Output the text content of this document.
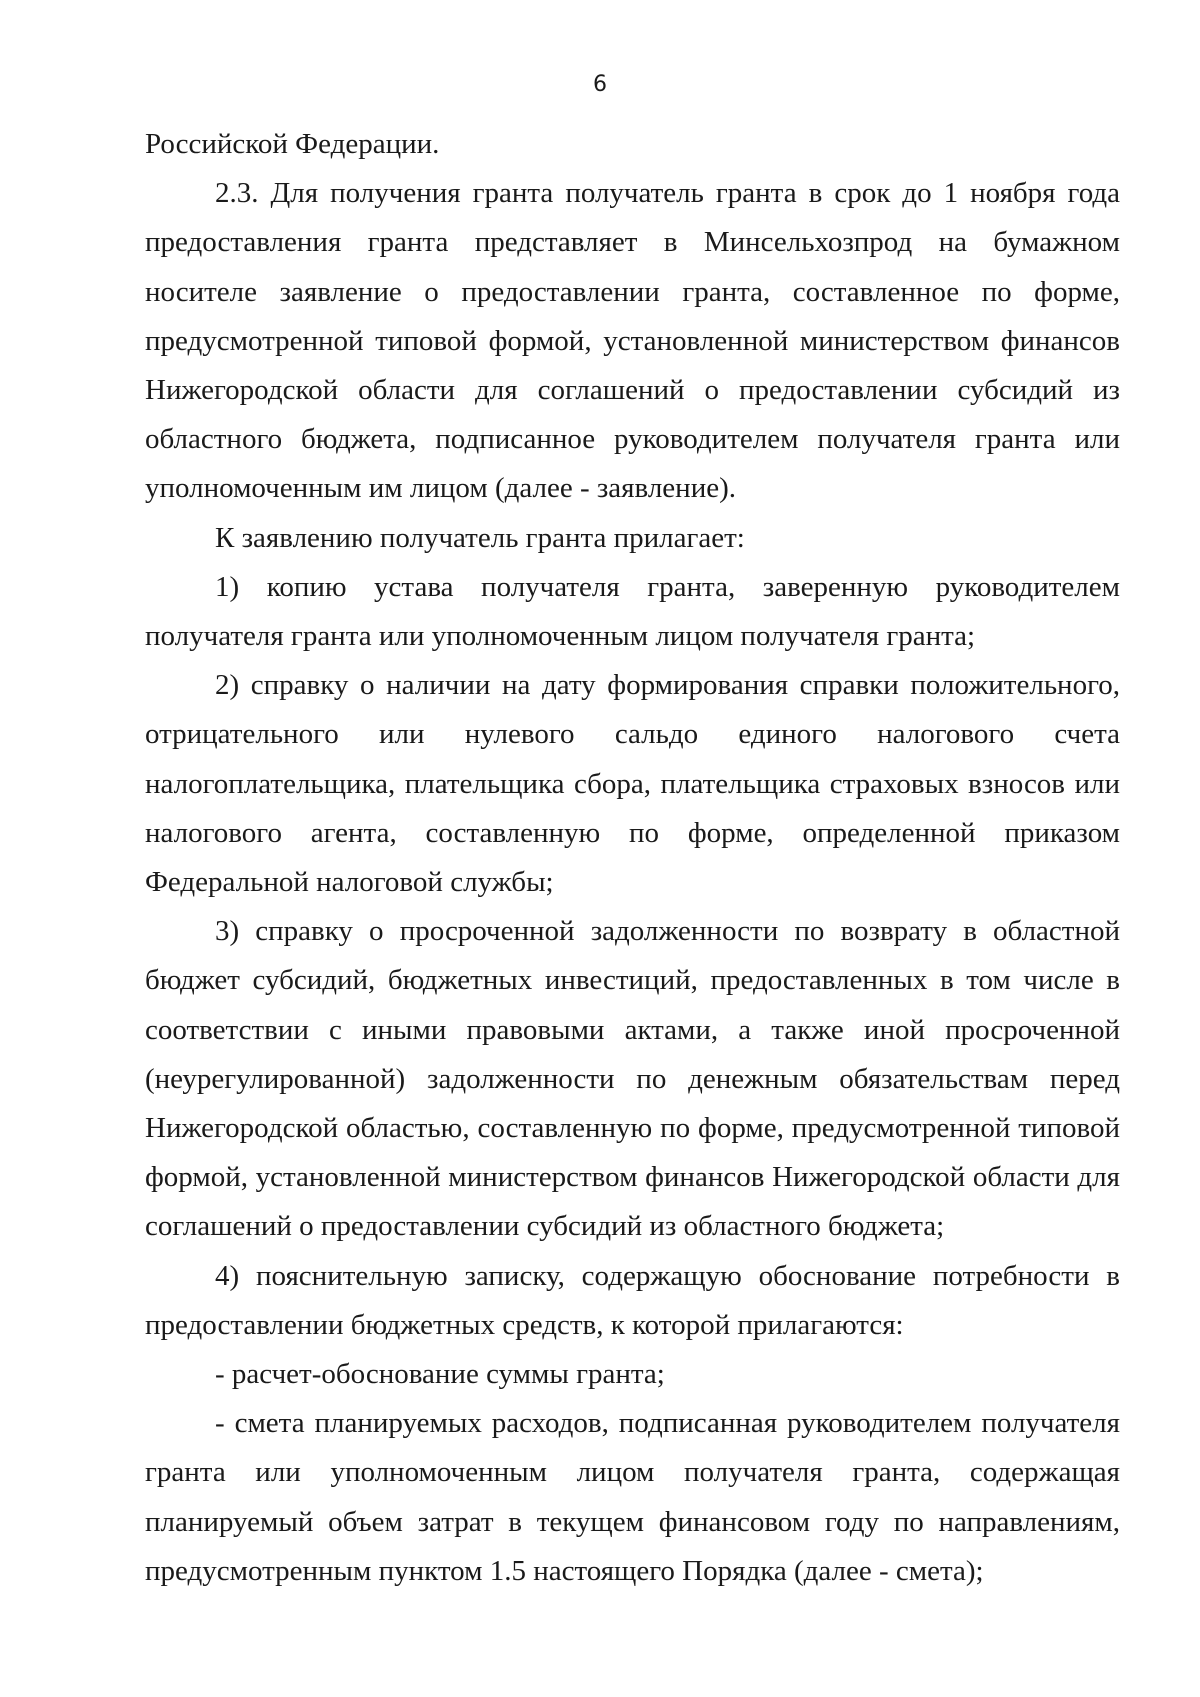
6

Российской Федерации.

2.3. Для получения гранта получатель гранта в срок до 1 ноября года предоставления гранта представляет в Минсельхозпрод на бумажном носителе заявление о предоставлении гранта, составленное по форме, предусмотренной типовой формой, установленной министерством финансов Нижегородской области для соглашений о предоставлении субсидий из областного бюджета, подписанное руководителем получателя гранта или уполномоченным им лицом (далее - заявление).

К заявлению получатель гранта прилагает:

1) копию устава получателя гранта, заверенную руководителем получателя гранта или уполномоченным лицом получателя гранта;

2) справку о наличии на дату формирования справки положительного, отрицательного или нулевого сальдо единого налогового счета налогоплательщика, плательщика сбора, плательщика страховых взносов или налогового агента, составленную по форме, определенной приказом Федеральной налоговой службы;

3) справку о просроченной задолженности по возврату в областной бюджет субсидий, бюджетных инвестиций, предоставленных в том числе в соответствии с иными правовыми актами, а также иной просроченной (неурегулированной) задолженности по денежным обязательствам перед Нижегородской областью, составленную по форме, предусмотренной типовой формой, установленной министерством финансов Нижегородской области для соглашений о предоставлении субсидий из областного бюджета;

4) пояснительную записку, содержащую обоснование потребности в предоставлении бюджетных средств, к которой прилагаются:

- расчет-обоснование суммы гранта;

- смета планируемых расходов, подписанная руководителем получателя гранта или уполномоченным лицом получателя гранта, содержащая планируемый объем затрат в текущем финансовом году по направлениям, предусмотренным пунктом 1.5 настоящего Порядка (далее - смета);
